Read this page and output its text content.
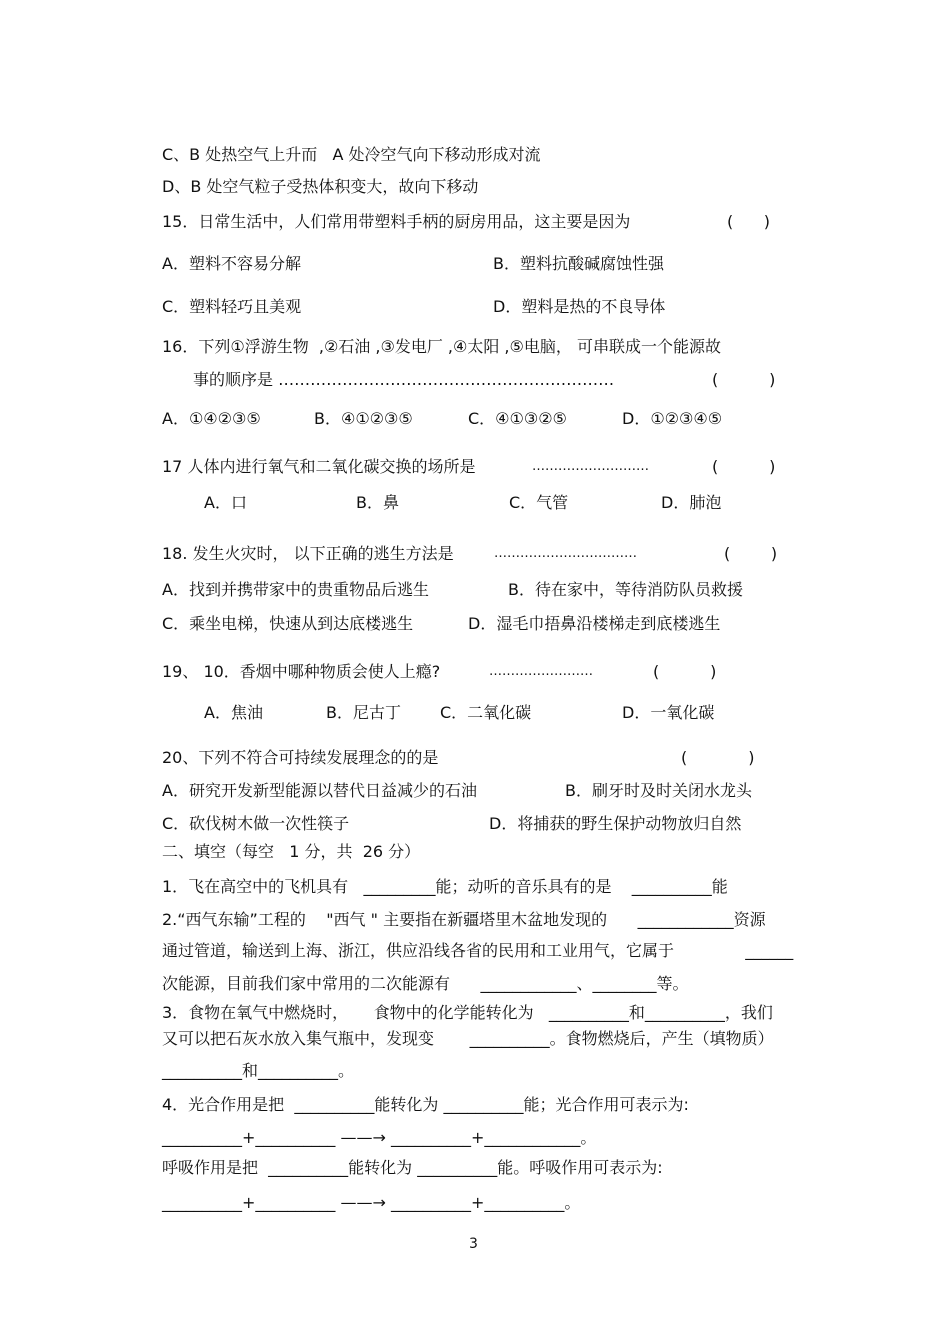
C、B 处热空气上升而   A 处冷空气向下移动形成对流
D、B 处空气粒子受热体积变大，故向下移动
15．日常生活中，人们常用带塑料手柄的厨房用品，这主要是因为	(      )
A．塑料不容易分解	B．塑料抗酸碱腐蚀性强
C．塑料轻巧且美观	D．塑料是热的不良导体
16．下列①浮游生物  ,②石油 ,③发电厂 ,④太阳 ,⑤电脑， 可串联成一个能源故
事的顺序是 ………………………………………………………	(          )
A．①④②③⑤	B．④①②③⑤	C．④①③②⑤	D．①②③④⑤
17 人体内进行氧气和二氧化碳交换的场所是	………………………	(          )
A．口	B．鼻	C．气管	D．肺泡
18. 发生火灾时， 以下正确的逃生方法是	……………………………	(        )
A．找到并携带家中的贵重物品后逃生	B．待在家中，等待消防队员救援
C．乘坐电梯，快速从到达底楼逃生	D．湿毛巾捂鼻沿楼梯走到底楼逃生
19、 10．香烟中哪种物质会使人上瘾?	……………………	(          )
A．焦油	B．尼古丁 C．二氧化碳	D．一氧化碳
20、下列不符合可持续发展理念的的是	(            )
A．研究开发新型能源以替代日益减少的石油	B．刷牙时及时关闭水龙头
C．砍伐树木做一次性筷子	D．将捕获的野生保护动物放归自然
二、填空（每空   1 分，共  26 分）
1．飞在高空中的飞机具有   _________能；动听的音乐具有的是    __________能
2.“西气东输”工程的    "西气 " 主要指在新疆塔里木盆地发现的      ____________资源
通过管道，输送到上海、浙江，供应沿线各省的民用和工业用气，它属于              ______
次能源，目前我们家中常用的二次能源有      ____________、________等。
3．食物在氧气中燃烧时，     食物中的化学能转化为   __________和__________，我们
又可以把石灰水放入集气瓶中，发现变       __________。食物燃烧后，产生（填物质）
__________和__________。
4．光合作用是把  __________能转化为 __________能；光合作用可表示为:
__________+__________ ——→ __________+____________。
呼吸作用是把  __________能转化为 __________能。呼吸作用可表示为:
__________+__________ ——→ __________+__________。
3
